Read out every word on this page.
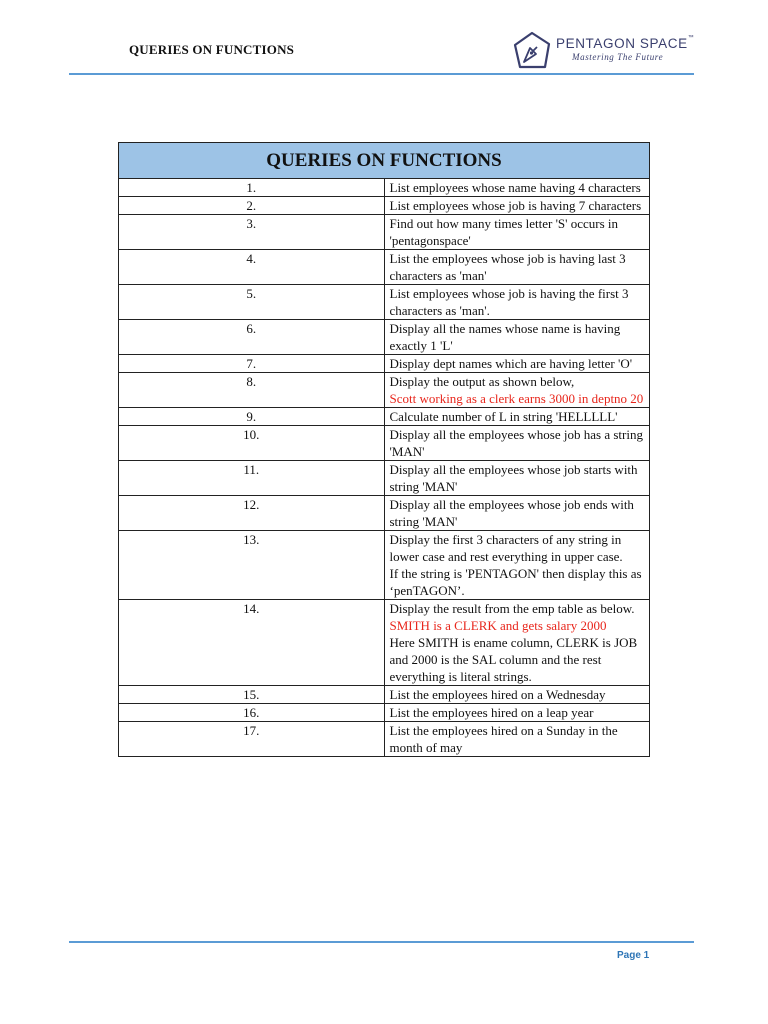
QUERIES ON FUNCTIONS	PENTAGON SPACE™
Mastering The Future
QUERIES ON FUNCTIONS	
1.	List employees whose name having 4 characters

2.	List employees whose job is having 7 characters

3.	Find out how many times letter 'S' occurs in 'pentagonspace'

4.	List the employees whose job is having last 3 characters as 'man'

5.	List employees whose job is having the first 3 characters as 'man'.

6.	Display all the names whose name is having exactly 1 'L'

7.	Display dept names which are having letter 'O'

8.	Display the output as shown below,
Scott working as a clerk earns 3000 in deptno 20

9.	Calculate number of L in string 'HELLLLL'

10.	Display all the employees whose job has a string 'MAN'

11.	Display all the employees whose job starts with string 'MAN'

12.	Display all the employees whose job ends with string 'MAN'

13.	Display the first 3 characters of any string in lower case and rest everything in upper case.
If the string is 'PENTAGON' then display this as ‘penTAGON’.

14.	Display the result from the emp table as below.
SMITH is a CLERK and gets salary 2000
Here SMITH is ename column, CLERK is JOB and 2000 is the SAL column and the rest everything is literal strings.

15.	List the employees hired on a Wednesday

16.	List the employees hired on a leap year

17.	List the employees hired on a Sunday in the month of may
Page 1
